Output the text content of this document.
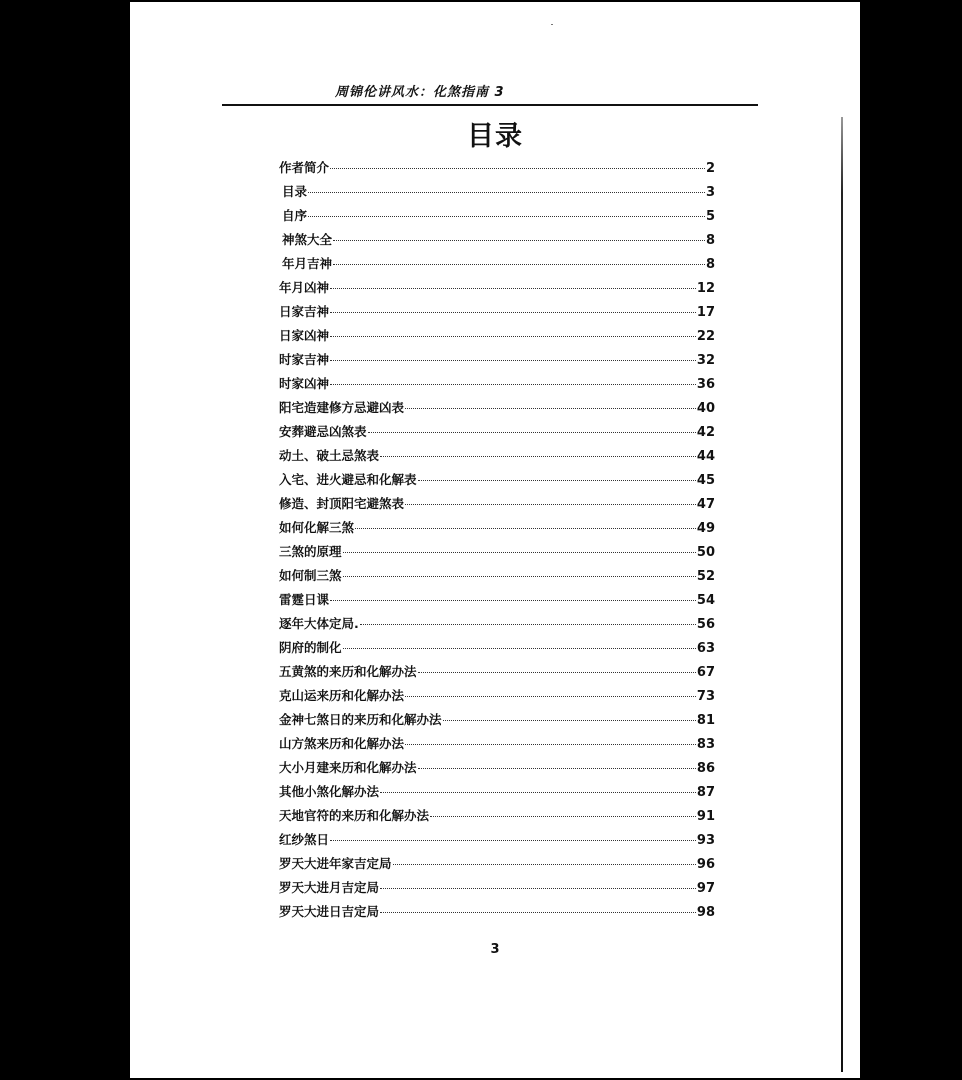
周锦伦讲风水：化煞指南 3
目录
作者简介	2
目录	3
自序	5
神煞大全	8
年月吉神	8
年月凶神	12
日家吉神	17
日家凶神	22
时家吉神	32
时家凶神	36
阳宅造建修方忌避凶表	40
安葬避忌凶煞表	42
动土、破土忌煞表	44
入宅、进火避忌和化解表	45
修造、封顶阳宅避煞表	47
如何化解三煞	49
三煞的原理	50
如何制三煞	52
雷霆日课	54
逐年大体定局.	56
阴府的制化	63
五黄煞的来历和化解办法	67
克山运来历和化解办法	73
金神七煞日的来历和化解办法	81
山方煞来历和化解办法	83
大小月建来历和化解办法	86
其他小煞化解办法	87
天地官符的来历和化解办法	91
红纱煞日	93
罗天大进年家吉定局	96
罗天大进月吉定局	97
罗天大进日吉定局	98
3
